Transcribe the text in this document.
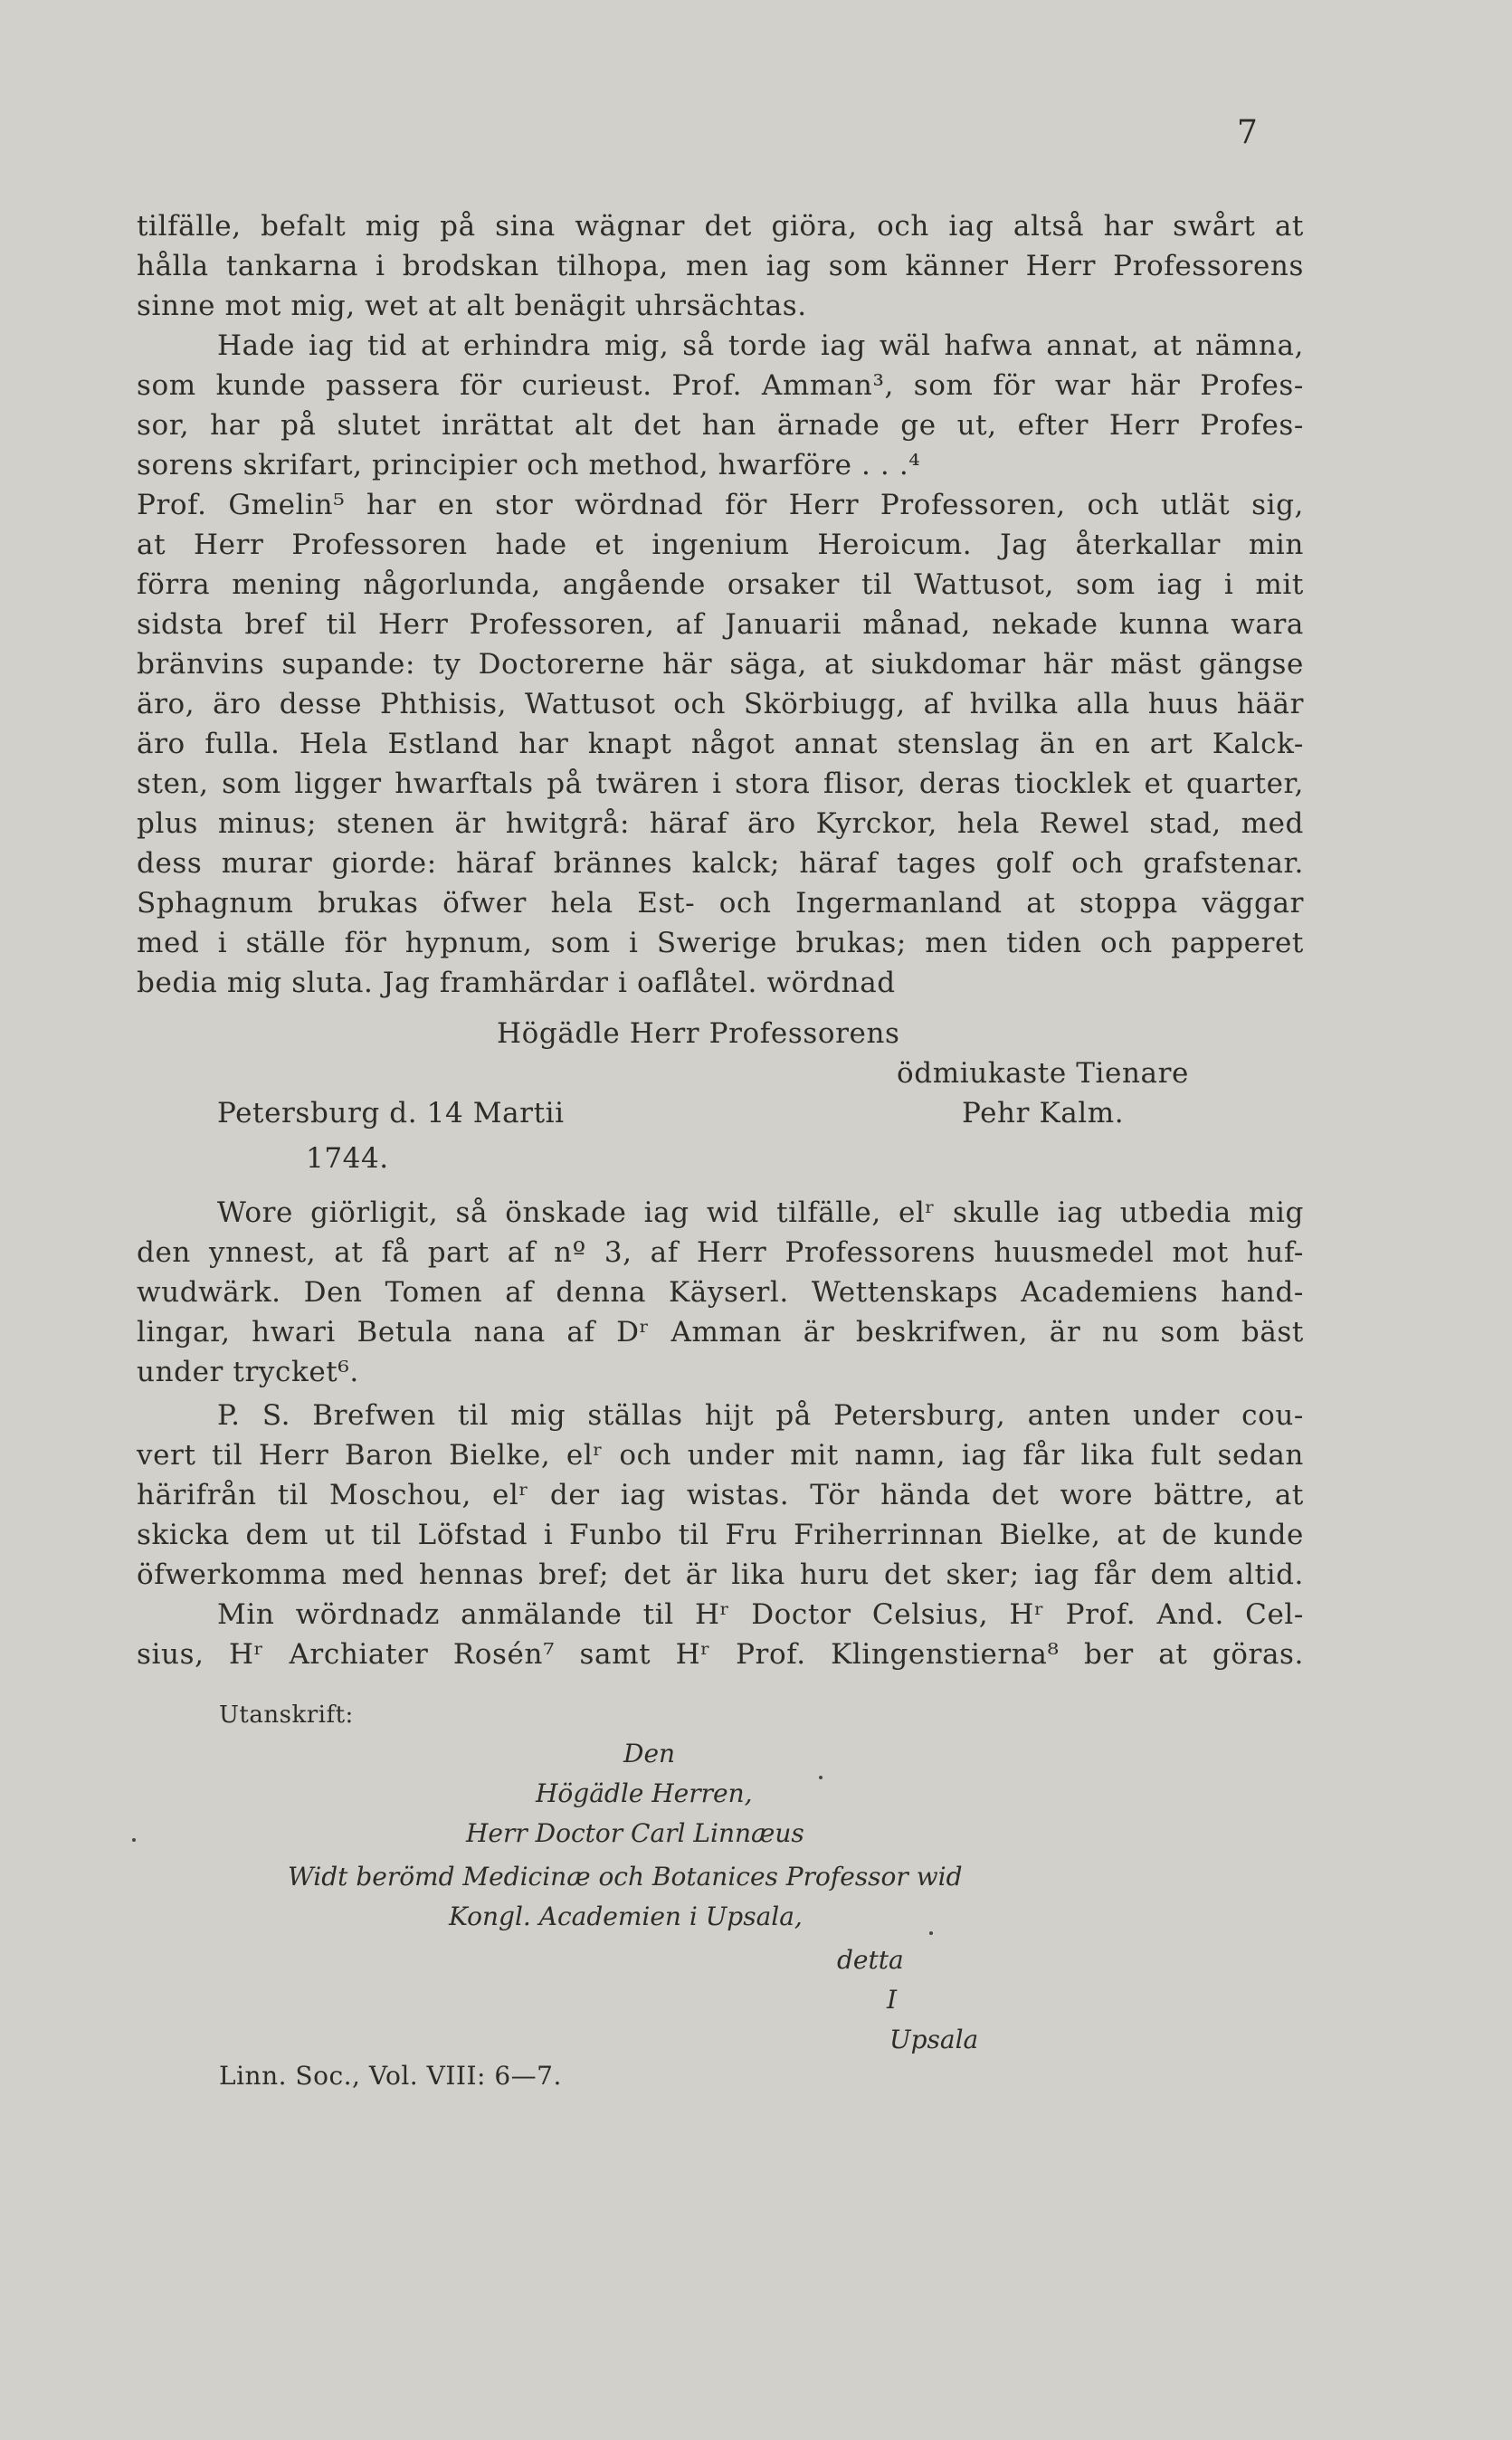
7
tilfälle, befalt mig på sina wägnar det giöra, och iag altså har swårt at
hålla tankarna i brodskan tilhopa, men iag som känner Herr Professorens
sinne mot mig, wet at alt benägit uhrsächtas.
Hade iag tid at erhindra mig, så torde iag wäl hafwa annat, at nämna,
som kunde passera för curieust. Prof. Amman³, som för war här Profes-
sor, har på slutet inrättat alt det han ärnade ge ut, efter Herr Profes-
sorens skrifart, principier och method, hwarföre . . .⁴
Prof. Gmelin⁵ har en stor wördnad för Herr Professoren, och utlät sig,
at Herr Professoren hade et ingenium Heroicum. Jag återkallar min
förra mening någorlunda, angående orsaker til Wattusot, som iag i mit
sidsta bref til Herr Professoren, af Januarii månad, nekade kunna wara
bränvins supande: ty Doctorerne här säga, at siukdomar här mäst gängse
äro, äro desse Phthisis, Wattusot och Skörbiugg, af hvilka alla huus häär
äro fulla. Hela Estland har knapt något annat stenslag än en art Kalck-
sten, som ligger hwarftals på twären i stora flisor, deras tiocklek et quarter,
plus minus; stenen är hwitgrå: häraf äro Kyrckor, hela Rewel stad, med
dess murar giorde: häraf brännes kalck; häraf tages golf och grafstenar.
Sphagnum brukas öfwer hela Est- och Ingermanland at stoppa väggar
med i ställe för hypnum, som i Swerige brukas; men tiden och papperet
bedia mig sluta. Jag framhärdar i oaflåtel. wördnad
Högädle Herr Professorens
ödmiukaste Tienare
Petersburg d. 14 Martii	Pehr Kalm.
1744.
Wore giörligit, så önskade iag wid tilfälle, elʳ skulle iag utbedia mig
den ynnest, at få part af nº 3, af Herr Professorens huusmedel mot huf-
wudwärk. Den Tomen af denna Käyserl. Wettenskaps Academiens hand-
lingar, hwari Betula nana af Dʳ Amman är beskrifwen, är nu som bäst
under trycket⁶.
P. S. Brefwen til mig ställas hijt på Petersburg, anten under cou-
vert til Herr Baron Bielke, elʳ och under mit namn, iag får lika fult sedan
härifrån til Moschou, elʳ der iag wistas. Tör hända det wore bättre, at
skicka dem ut til Löfstad i Funbo til Fru Friherrinnan Bielke, at de kunde
öfwerkomma med hennas bref; det är lika huru det sker; iag får dem altid.
Min wördnadz anmälande til Hʳ Doctor Celsius, Hʳ Prof. And. Cel-
sius, Hʳ Archiater Rosén⁷ samt Hʳ Prof. Klingenstierna⁸ ber at göras.
Utanskrift:
Den
Högädle Herren,
Herr Doctor Carl Linnæus
Widt berömd Medicinæ och Botanices Professor wid
Kongl. Academien i Upsala,
detta
I
Upsala
Linn. Soc., Vol. VIII: 6—7.
